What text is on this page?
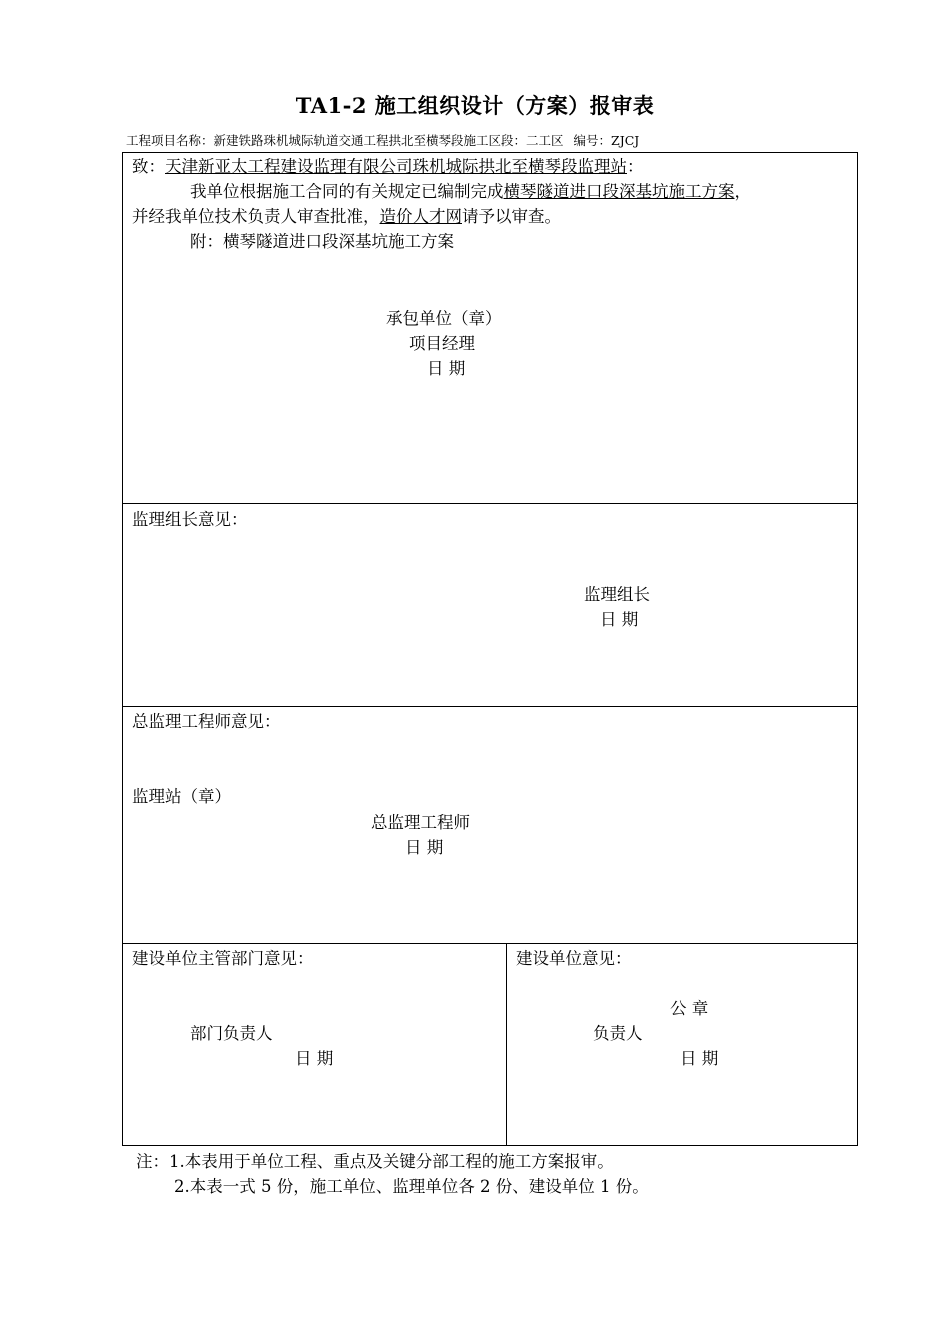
TA1-2 施工组织设计（方案）报审表
工程项目名称：新建铁路珠机城际轨道交通工程拱北至横琴段施工区段：二工区 编号：ZJCJ
致：天津新亚太工程建设监理有限公司珠机城际拱北至横琴段监理站：
我单位根据施工合同的有关规定已编制完成横琴隧道进口段深基坑施工方案，
并经我单位技术负责人审查批准，造价人才网请予以审查。
附：横琴隧道进口段深基坑施工方案
承包单位（章）
项目经理
日 期
监理组长意见：
监理组长
日 期
总监理工程师意见：
监理站（章）
总监理工程师
日 期
建设单位主管部门意见：
部门负责人
日 期
建设单位意见：
公 章
负责人
日 期
注：1.本表用于单位工程、重点及关键分部工程的施工方案报审。
2.本表一式 5 份，施工单位、监理单位各 2 份、建设单位 1 份。
